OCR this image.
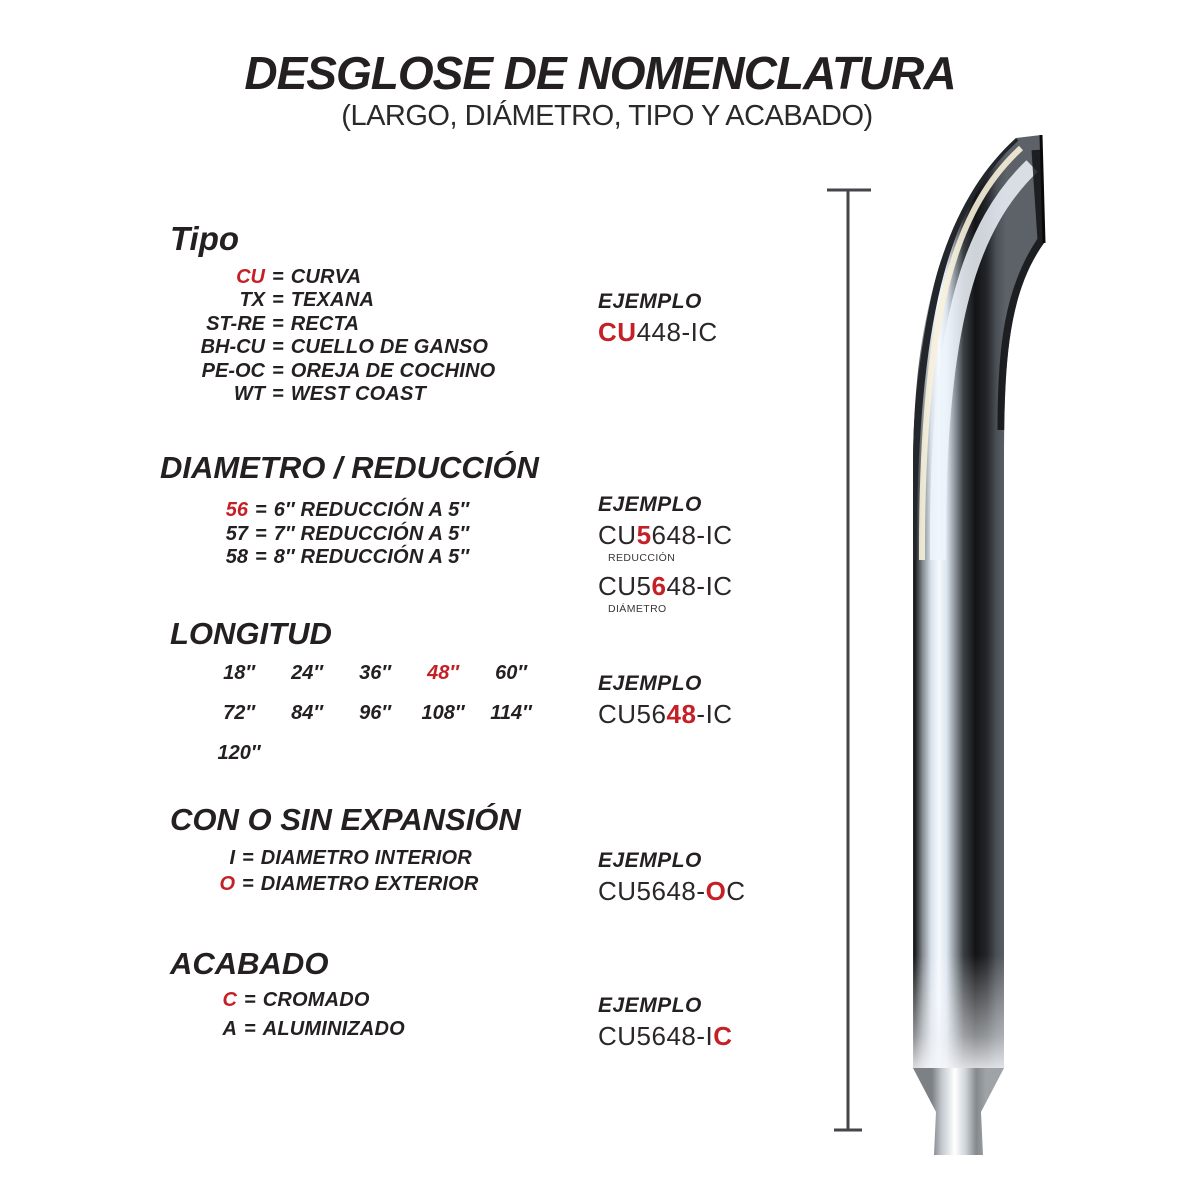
DESGLOSE DE NOMENCLATURA
(LARGO, DIÁMETRO, TIPO Y ACABADO)
Tipo
CU = CURVA
TX = TEXANA
ST-RE = RECTA
BH-CU = CUELLO DE GANSO
PE-OC = OREJA DE COCHINO
WT = WEST COAST
EJEMPLO
CU448-IC
DIAMETRO / REDUCCIÓN
56 = 6″ REDUCCIÓN A 5″
57 = 7″ REDUCCIÓN A 5″
58 = 8″ REDUCCIÓN A 5″
EJEMPLO
CU5648-IC
REDUCCIÓN
CU5648-IC
DIÁMETRO
LONGITUD
18″	24″	36″	48″	60″
72″	84″	96″	108″	114″
120″
EJEMPLO
CU5648-IC
CON O SIN EXPANSIÓN
I = DIAMETRO INTERIOR
O = DIAMETRO EXTERIOR
EJEMPLO
CU5648-OC
ACABADO
C = CROMADO
A = ALUMINIZADO
EJEMPLO
CU5648-IC
